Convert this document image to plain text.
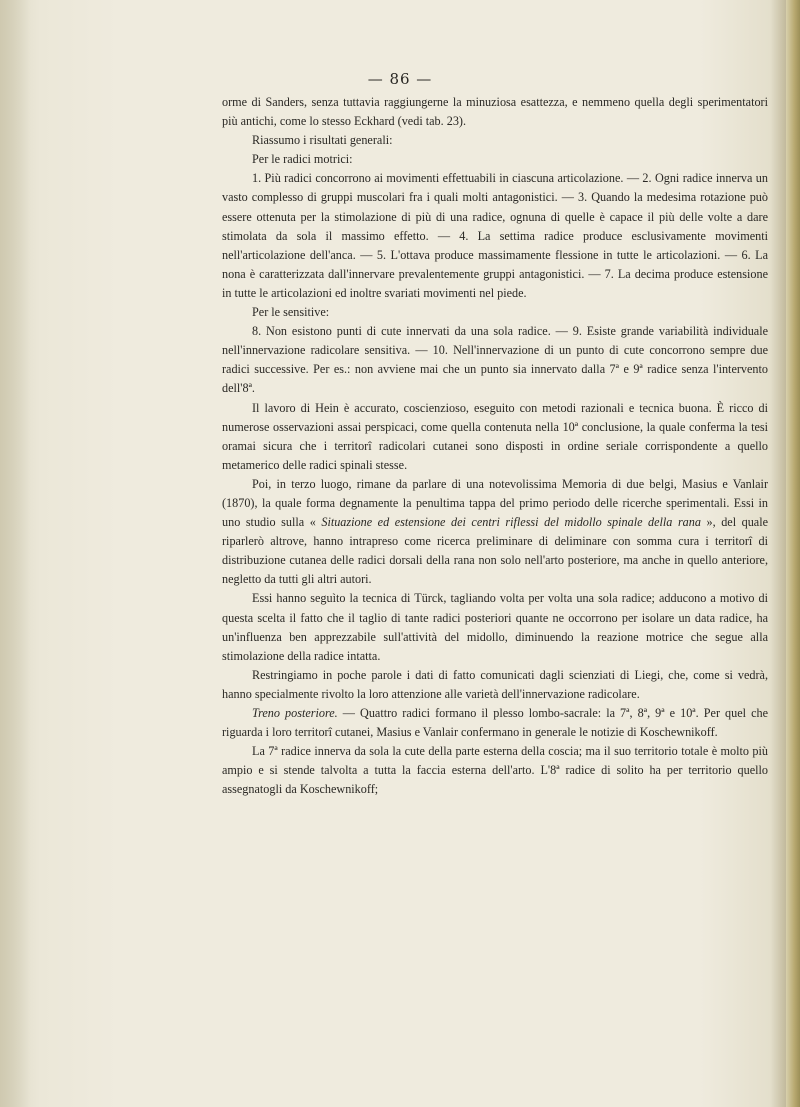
— 86 —

orme di Sanders, senza tuttavia raggiungerne la minuziosa esattezza, e nemmeno quella degli sperimentatori più antichi, come lo stesso Eckhard (vedi tab. 23).

Riassumo i risultati generali:

Per le radici motrici:

1. Più radici concorrono ai movimenti effettuabili in ciascuna articolazione. — 2. Ogni radice innerva un vasto complesso di gruppi muscolari fra i quali molti antagonistici. — 3. Quando la medesima rotazione può essere ottenuta per la stimolazione di più di una radice, ognuna di quelle è capace il più delle volte a dare stimolata da sola il massimo effetto. — 4. La settima radice produce esclusivamente movimenti nell'articolazione dell'anca. — 5. L'ottava produce massimamente flessione in tutte le articolazioni. — 6. La nona è caratterizzata dall'innervare prevalentemente gruppi antagonistici. — 7. La decima produce estensione in tutte le articolazioni ed inoltre svariati movimenti nel piede.

Per le sensitive:

8. Non esistono punti di cute innervati da una sola radice. — 9. Esiste grande variabilità individuale nell'innervazione radicolare sensitiva. — 10. Nell'innervazione di un punto di cute concorrono sempre due radici successive. Per es.: non avviene mai che un punto sia innervato dalla 7ª e 9ª radice senza l'intervento dell'8ª.

Il lavoro di Hein è accurato, coscienzioso, eseguito con metodi razionali e tecnica buona. È ricco di numerose osservazioni assai perspicaci, come quella contenuta nella 10ª conclusione, la quale conferma la tesi oramai sicura che i territorî radicolari cutanei sono disposti in ordine seriale corrispondente a quello metamerico delle radici spinali stesse.

Poi, in terzo luogo, rimane da parlare di una notevolissima Memoria di due belgi, Masius e Vanlair (1870), la quale forma degnamente la penultima tappa del primo periodo delle ricerche sperimentali. Essi in uno studio sulla « Situazione ed estensione dei centri riflessi del midollo spinale della rana », del quale riparlerò altrove, hanno intrapreso come ricerca preliminare di deliminare con somma cura i territorî di distribuzione cutanea delle radici dorsali della rana non solo nell'arto posteriore, ma anche in quello anteriore, negletto da tutti gli altri autori.

Essi hanno seguìto la tecnica di Türck, tagliando volta per volta una sola radice; adducono a motivo di questa scelta il fatto che il taglio di tante radici posteriori quante ne occorrono per isolare un data radice, ha un'influenza ben apprezzabile sull'attività del midollo, diminuendo la reazione motrice che segue alla stimolazione della radice intatta.

Restringiamo in poche parole i dati di fatto comunicati dagli scienziati di Liegi, che, come si vedrà, hanno specialmente rivolto la loro attenzione alle varietà dell'innervazione radicolare.

Treno posteriore. — Quattro radici formano il plesso lombo-sacrale: la 7ª, 8ª, 9ª e 10ª. Per quel che riguarda i loro territorî cutanei, Masius e Vanlair confermano in generale le notizie di Koschewnikoff.

La 7ª radice innerva da sola la cute della parte esterna della coscia; ma il suo territorio totale è molto più ampio e si stende talvolta a tutta la faccia esterna dell'arto. L'8ª radice di solito ha per territorio quello assegnatogli da Koschewnikoff;
